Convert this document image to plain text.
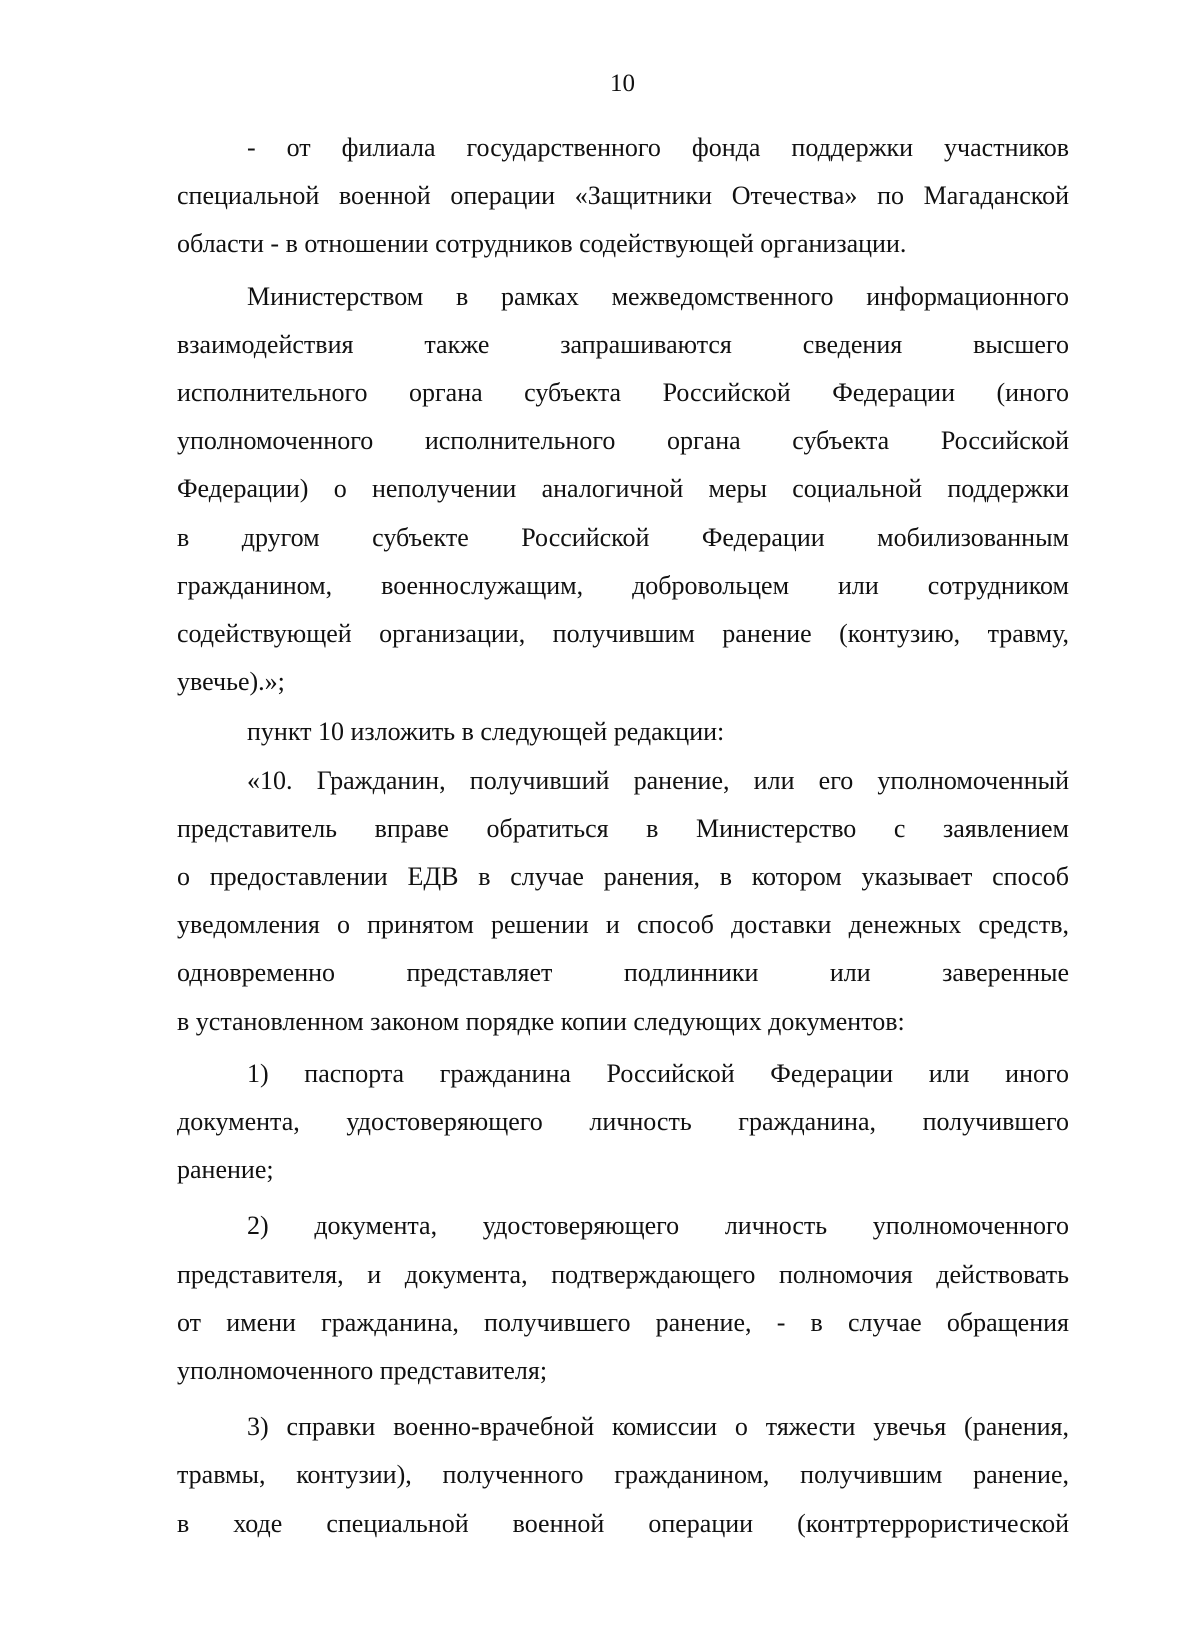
10
- от филиала государственного фонда поддержки участников
специальной военной операции «Защитники Отечества» по Магаданской
области - в отношении сотрудников содействующей организации.
Министерством в рамках межведомственного информационного
взаимодействия также запрашиваются сведения высшего
исполнительного органа субъекта Российской Федерации (иного
уполномоченного исполнительного органа субъекта Российской
Федерации) о неполучении аналогичной меры социальной поддержки
в другом субъекте Российской Федерации мобилизованным
гражданином, военнослужащим, добровольцем или сотрудником
содействующей организации, получившим ранение (контузию, травму,
увечье).»;
пункт 10 изложить в следующей редакции:
«10. Гражданин, получивший ранение, или его уполномоченный
представитель вправе обратиться в Министерство с заявлением
о предоставлении ЕДВ в случае ранения, в котором указывает способ
уведомления о принятом решении и способ доставки денежных средств,
одновременно представляет подлинники или заверенные
в установленном законом порядке копии следующих документов:
1) паспорта гражданина Российской Федерации или иного
документа, удостоверяющего личность гражданина, получившего
ранение;
2) документа, удостоверяющего личность уполномоченного
представителя, и документа, подтверждающего полномочия действовать
от имени гражданина, получившего ранение, - в случае обращения
уполномоченного представителя;
3) справки военно-врачебной комиссии о тяжести увечья (ранения,
травмы, контузии), полученного гражданином, получившим ранение,
в ходе специальной военной операции (контртеррористической
